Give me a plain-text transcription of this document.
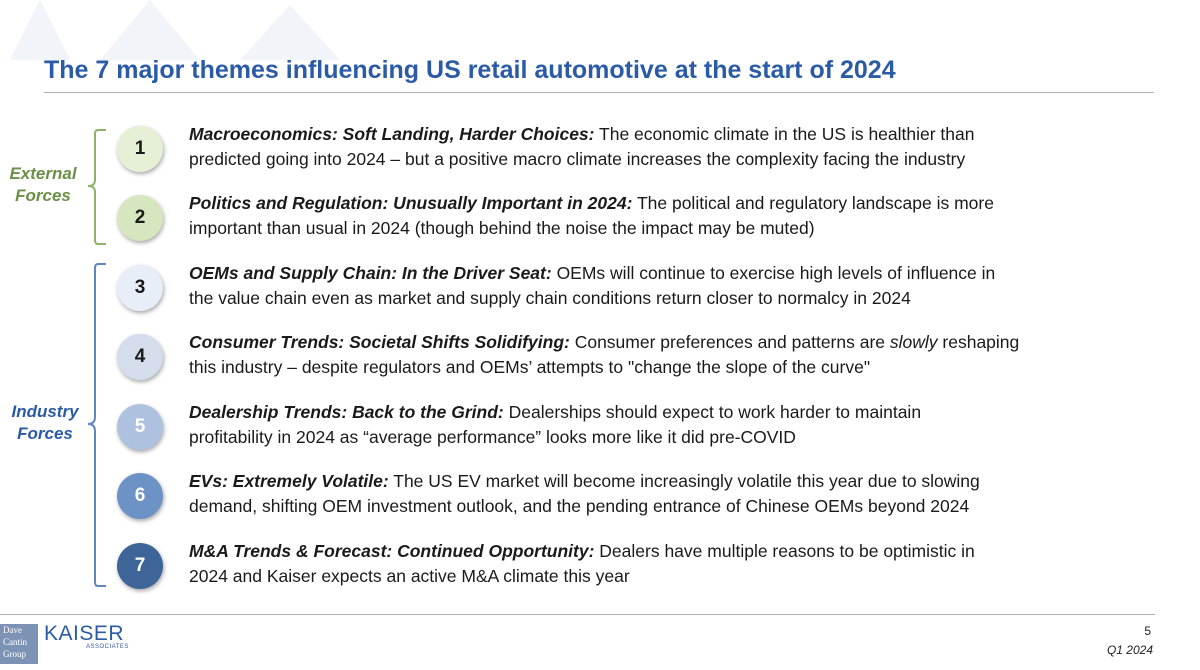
The 7 major themes influencing US retail automotive at the start of 2024
External
Forces
Industry
Forces
1
Macroeconomics: Soft Landing, Harder Choices: The economic climate in the US is healthier than
predicted going into 2024 – but a positive macro climate increases the complexity facing the industry
2
Politics and Regulation: Unusually Important in 2024: The political and regulatory landscape is more
important than usual in 2024 (though behind the noise the impact may be muted)
3
OEMs and Supply Chain: In the Driver Seat: OEMs will continue to exercise high levels of influence in
the value chain even as market and supply chain conditions return closer to normalcy in 2024
4
Consumer Trends: Societal Shifts Solidifying: Consumer preferences and patterns are slowly reshaping
this industry – despite regulators and OEMs’ attempts to "change the slope of the curve"
5
Dealership Trends: Back to the Grind: Dealerships should expect to work harder to maintain
profitability in 2024 as “average performance” looks more like it did pre-COVID
6
EVs: Extremely Volatile: The US EV market will become increasingly volatile this year due to slowing
demand, shifting OEM investment outlook, and the pending entrance of Chinese OEMs beyond 2024
7
M&A Trends & Forecast: Continued Opportunity: Dealers have multiple reasons to be optimistic in
2024 and Kaiser expects an active M&A climate this year
Dave
Cantin
Group
KAISER
ASSOCIATES
5
Q1 2024
